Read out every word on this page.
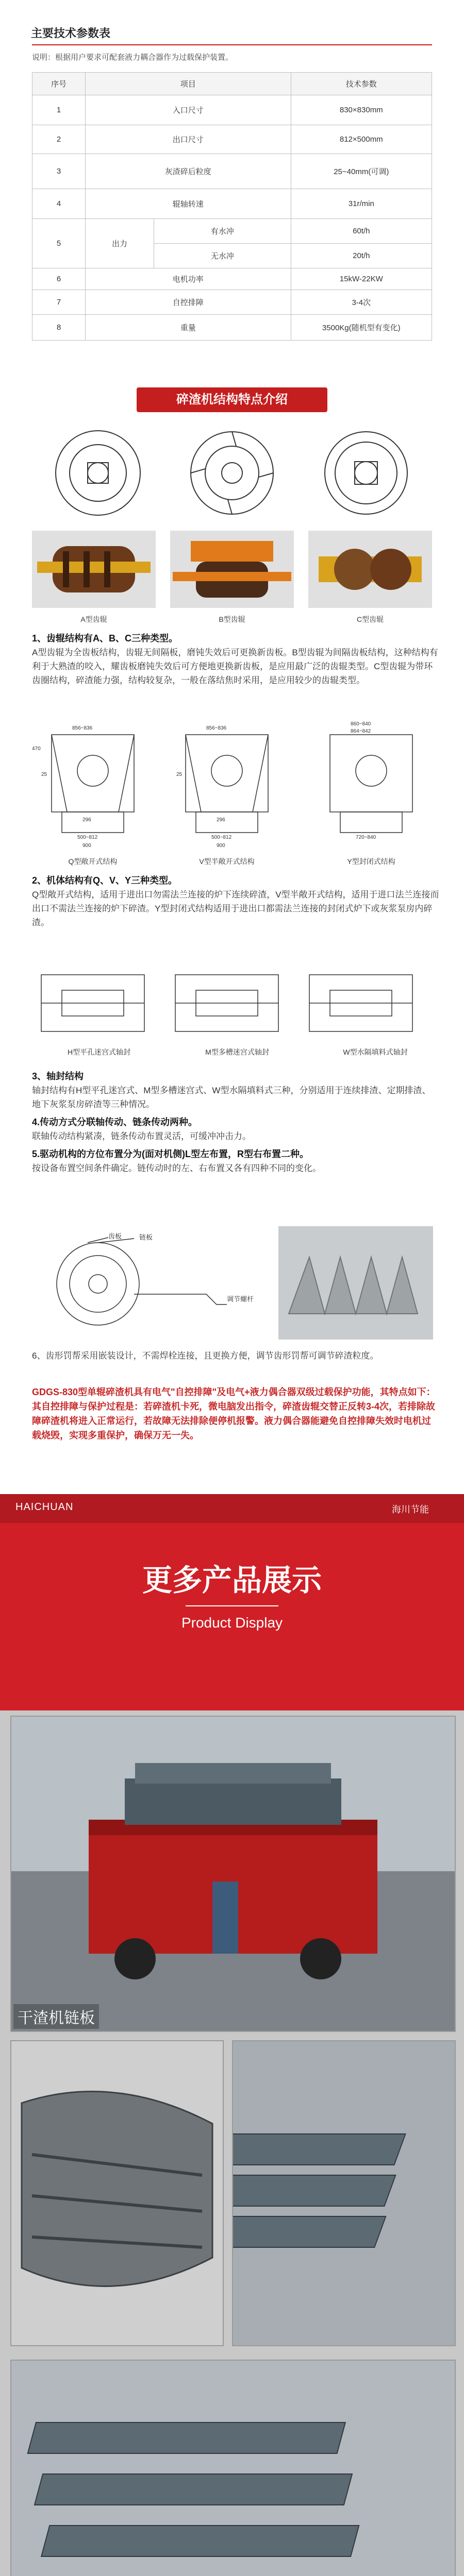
主要技术参数表
说明：根据用户要求可配套液力耦合器作为过载保护装置。
序号	项目		技术参数
1	入口尺寸		830×830mm
2	出口尺寸		812×500mm
3	灰渣碎后粒度		25~40mm(可调)
4	辊轴转速		31r/min
5	出力	有水冲	60t/h
		无水冲	20t/h
6	电机功率		15kW-22KW
7	自控排障		3-4次
8	重量		3500Kg(随机型有变化)
碎渣机结构特点介绍
A型齿辊	B型齿辊	C型齿辊
1、齿辊结构有A、B、C三种类型。
A型齿辊为全齿板结构，齿辊无间隔板，磨钝失效后可更换新齿板。B型齿辊为间隔齿板结构，这种结构有利于大熟渣的咬入，耀齿板磨钝失效后可方便地更换新齿板，是应用最广泛的齿辊类型。C型齿辊为带环齿圈结构，碎渣能力强，结构较复杂，一般在落结焦时采用，是应用较少的齿辊类型。
856~836
25
296
500~812
900
470
856~836
25
296
500~812
900
860~840
864~842
720~840
Q型敞开式结构	V型半敞开式结构	Y型封闭式结构
2、机体结构有Q、V、Y三种类型。
Q型敞开式结构，适用于进出口勿需法兰连接的炉下连续碎渣，V型半敞开式结构，适用于进口法兰连接而出口不需法兰连接的炉下碎渣。Y型封闭式结构适用于进出口都需法兰连接的封闭式炉下或灰浆泵房内碎渣。
H型平孔迷宫式轴封	M型多槽迷宫式轴封	W型水隔填料式轴封
3、轴封结构
轴封结构有H型平孔迷宫式、M型多槽迷宫式、W型水隔填料式三种，分别适用于连续排渣、定期排渣、地下灰浆泵房碎渣等三种情况。
4.传动方式分联轴传动、链条传动两种。
联轴传动结构紧凑，链条传动布置灵活，可缓冲冲击力。
5.驱动机构的方位布置分为(面对机侧)L型左布置，R型右布置二种。
按设备布置空间条件确定。链传动时的左、右布置又各有四种不同的变化。
齿板	链板
调节螺杆
6、齿形罚帮采用嵌装设计，不需焊栓连接，且更换方便，调节齿形罚帮可调节碎渣粒度。
GDGS-830型单辊碎渣机具有电气"自控排障"及电气+液力偶合器双级过载保护功能，其特点如下：其自控排障与保护过程是：若碎渣机卡死，微电脑发出指令，碎渣齿辊交替正反转3-4次，若排除故障碎渣机将进入正常运行，若故障无法排除便停机报警。液力偶合器能避免自控排障失效时电机过载烧毁，实现多重保护，确保万无一失。
HAICHUAN	海川节能
更多产品展示
Product Display
干渣机链板
